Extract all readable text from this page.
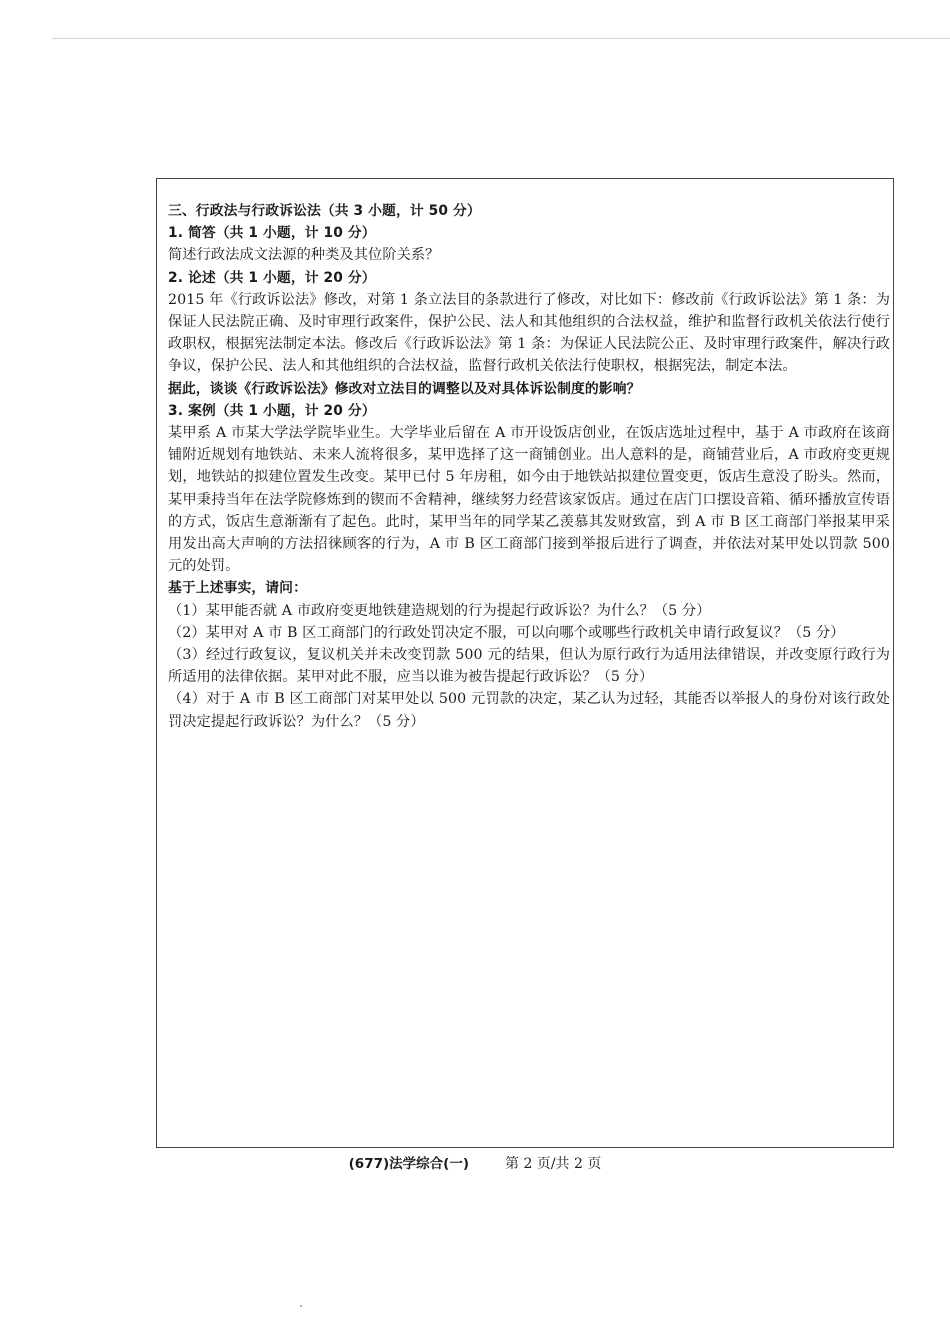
三、行政法与行政诉讼法（共 3 小题，计 50 分）

1. 简答（共 1 小题，计 10 分）

简述行政法成文法源的种类及其位阶关系？

2. 论述（共 1 小题，计 20 分）

2015 年《行政诉讼法》修改，对第 1 条立法目的条款进行了修改，对比如下：修改前《行政诉讼法》第 1 条：为保证人民法院正确、及时审理行政案件，保护公民、法人和其他组织的合法权益，维护和监督行政机关依法行使行政职权，根据宪法制定本法。修改后《行政诉讼法》第 1 条：为保证人民法院公正、及时审理行政案件，解决行政争议，保护公民、法人和其他组织的合法权益，监督行政机关依法行使职权，根据宪法，制定本法。

据此，谈谈《行政诉讼法》修改对立法目的调整以及对具体诉讼制度的影响？

3. 案例（共 1 小题，计 20 分）

某甲系 A 市某大学法学院毕业生。大学毕业后留在 A 市开设饭店创业，在饭店选址过程中，基于 A 市政府在该商铺附近规划有地铁站、未来人流将很多，某甲选择了这一商铺创业。出人意料的是，商铺营业后，A 市政府变更规划，地铁站的拟建位置发生改变。某甲已付 5 年房租，如今由于地铁站拟建位置变更，饭店生意没了盼头。然而，某甲秉持当年在法学院修炼到的锲而不舍精神，继续努力经营该家饭店。通过在店门口摆设音箱、循环播放宣传语的方式，饭店生意渐渐有了起色。此时，某甲当年的同学某乙羡慕其发财致富，到 A 市 B 区工商部门举报某甲采用发出高大声响的方法招徕顾客的行为，A 市 B 区工商部门接到举报后进行了调查，并依法对某甲处以罚款 500 元的处罚。

基于上述事实，请问：

（1）某甲能否就 A 市政府变更地铁建造规划的行为提起行政诉讼？为什么？（5 分）

（2）某甲对 A 市 B 区工商部门的行政处罚决定不服，可以向哪个或哪些行政机关申请行政复议？（5 分）

（3）经过行政复议，复议机关并未改变罚款 500 元的结果，但认为原行政行为适用法律错误，并改变原行政行为所适用的法律依据。某甲对此不服，应当以谁为被告提起行政诉讼？（5 分）

（4）对于 A 市 B 区工商部门对某甲处以 500 元罚款的决定，某乙认为过轻，其能否以举报人的身份对该行政处罚决定提起行政诉讼？为什么？（5 分）

(677)法学综合(一)	第 2 页/共 2 页
